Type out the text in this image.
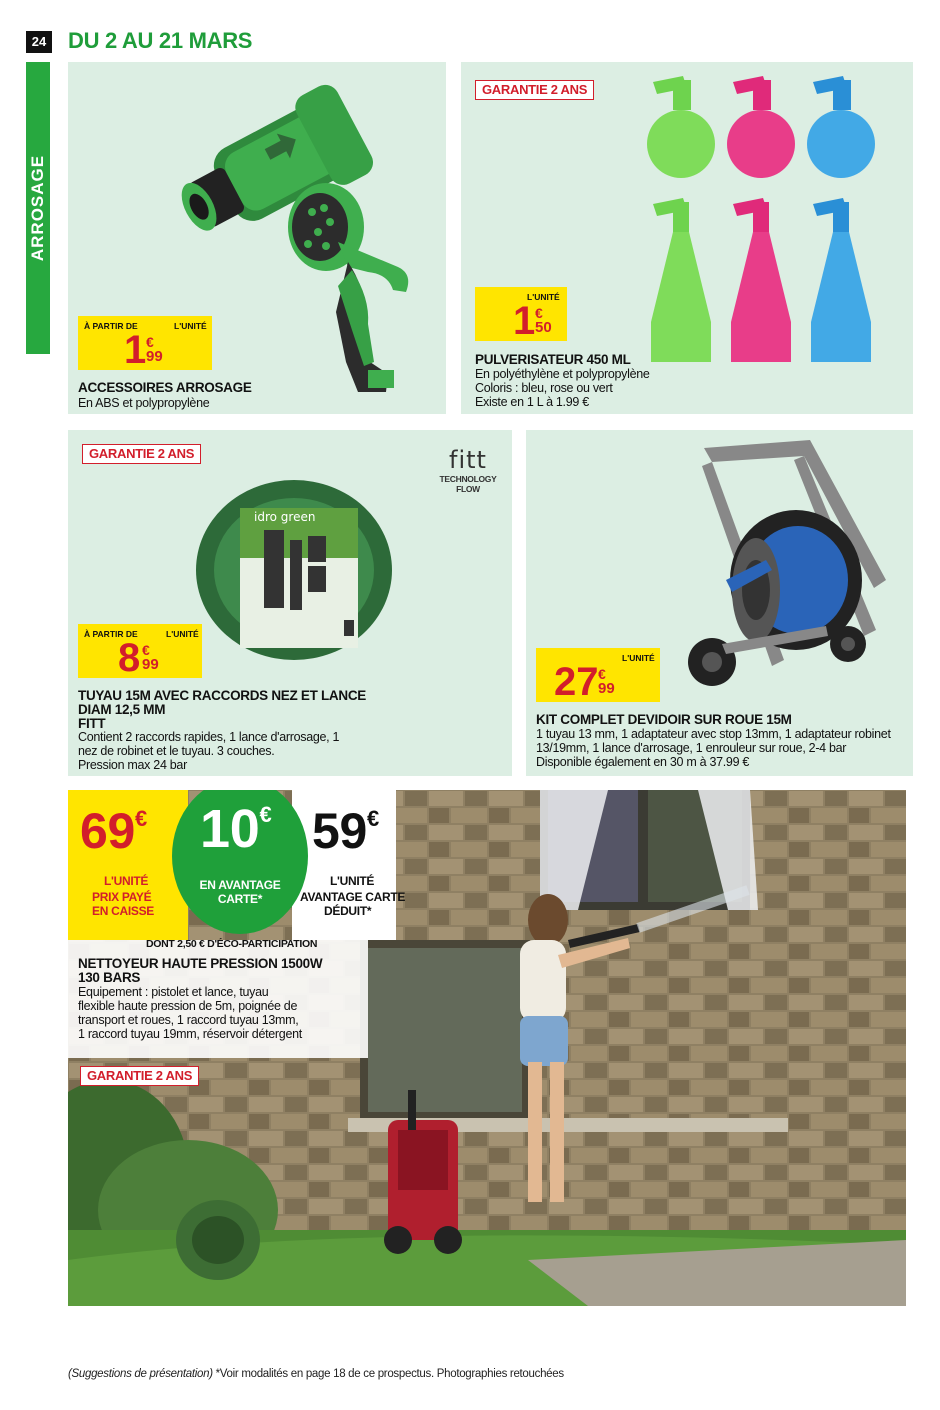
24 DU 2 AU 21 MARS
ARROSAGE
À PARTIR DE	L'UNITÉ
1 €
99
ACCESSOIRES ARROSAGE
En ABS et polypropylène
GARANTIE 2 ANS
L'UNITÉ
1 €
50
PULVERISATEUR 450 ML
En polyéthylène et polypropylène
Coloris : bleu, rose ou vert
Existe en 1 L à 1.99 €
GARANTIE 2 ANS	fitt
TECHNOLOGY FLOW
idro green
À PARTIR DE	L'UNITÉ
8 €
99
TUYAU 15M AVEC RACCORDS NEZ ET LANCE
DIAM 12,5 MM
FITT
Contient 2 raccords rapides, 1 lance d'arrosage, 1
nez de robinet et le tuyau. 3 couches.
Pression max 24 bar
L'UNITÉ
27 €
99
KIT COMPLET DEVIDOIR SUR ROUE 15M
1 tuyau 13 mm, 1 adaptateur avec stop 13mm, 1 adaptateur robinet
13/19mm, 1 lance d'arrosage, 1 enrouleur sur roue, 2-4 bar
Disponible également en 30 m à 37.99 €
69€
L'UNITÉ
PRIX PAYÉ
EN CAISSE
10€
EN AVANTAGE
CARTE*
59€
L'UNITÉ
AVANTAGE CARTE
DÉDUIT*
DONT 2,50 € D'ÉCO-PARTICIPATION
NETTOYEUR HAUTE PRESSION 1500W
130 BARS
Equipement : pistolet et lance, tuyau
flexible haute pression de 5m, poignée de
transport et roues, 1 raccord tuyau 13mm,
1 raccord tuyau 19mm, réservoir détergent
GARANTIE 2 ANS
(Suggestions de présentation) *Voir modalités en page 18 de ce prospectus. Photographies retouchées
